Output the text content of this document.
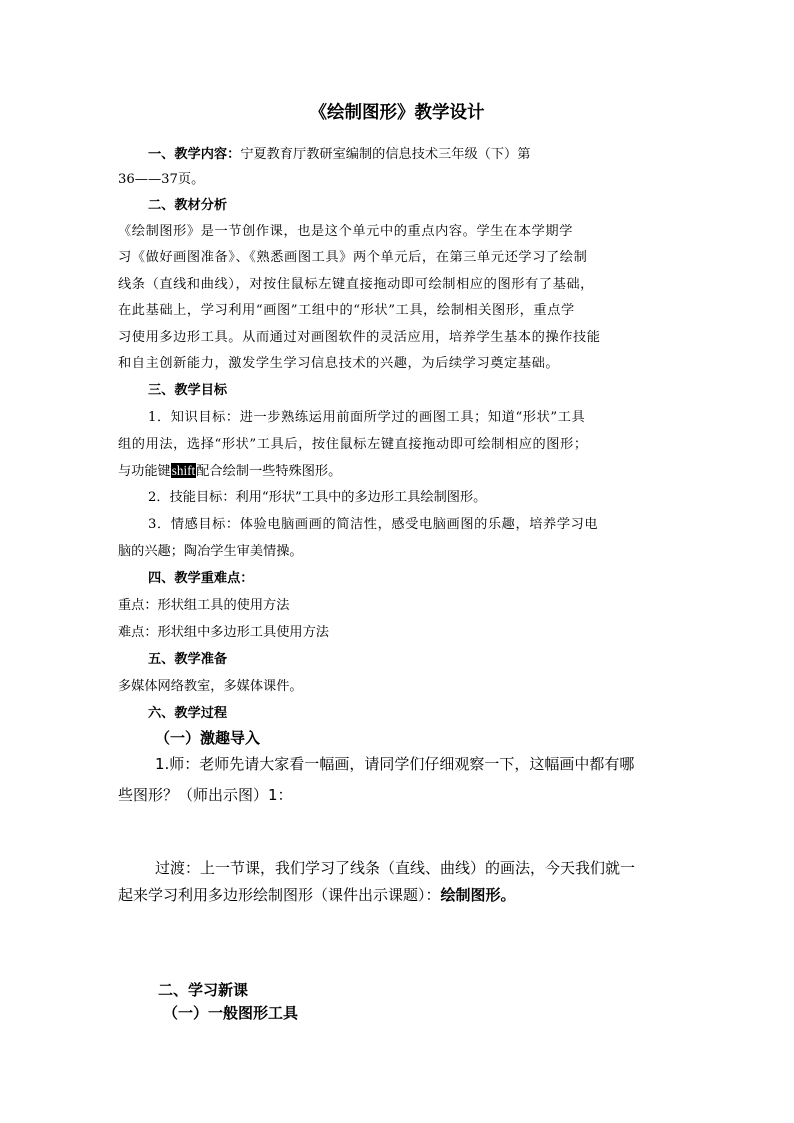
《绘制图形》教学设计
一、教学内容：宁夏教育厅教研室编制的信息技术三年级（下）第
36——37页。
二、教材分析
《绘制图形》是一节创作课，也是这个单元中的重点内容。学生在本学期学
习《做好画图准备》、《熟悉画图工具》两个单元后，在第三单元还学习了绘制
线条（直线和曲线），对按住鼠标左键直接拖动即可绘制相应的图形有了基础，
在此基础上，学习利用“画图”工组中的“形状”工具，绘制相关图形，重点学
习使用多边形工具。从而通过对画图软件的灵活应用，培养学生基本的操作技能
和自主创新能力，激发学生学习信息技术的兴趣，为后续学习奠定基础。
三、教学目标
1．知识目标：进一步熟练运用前面所学过的画图工具；知道“形状”工具
组的用法，选择“形状”工具后，按住鼠标左键直接拖动即可绘制相应的图形；
与功能键shift配合绘制一些特殊图形。
2．技能目标：利用“形状”工具中的多边形工具绘制图形。
3．情感目标：体验电脑画画的简洁性，感受电脑画图的乐趣，培养学习电
脑的兴趣；陶冶学生审美情操。
四、教学重难点：
重点：形状组工具的使用方法
难点：形状组中多边形工具使用方法
五、教学准备
多媒体网络教室，多媒体课件。
六、教学过程
（一）激趣导入
1.师：老师先请大家看一幅画，请同学们仔细观察一下，这幅画中都有哪
些图形？（师出示图）1：
过渡：上一节课，我们学习了线条（直线、曲线）的画法，今天我们就一
起来学习利用多边形绘制图形（课件出示课题）：绘制图形。
二、学习新课
（一）一般图形工具
